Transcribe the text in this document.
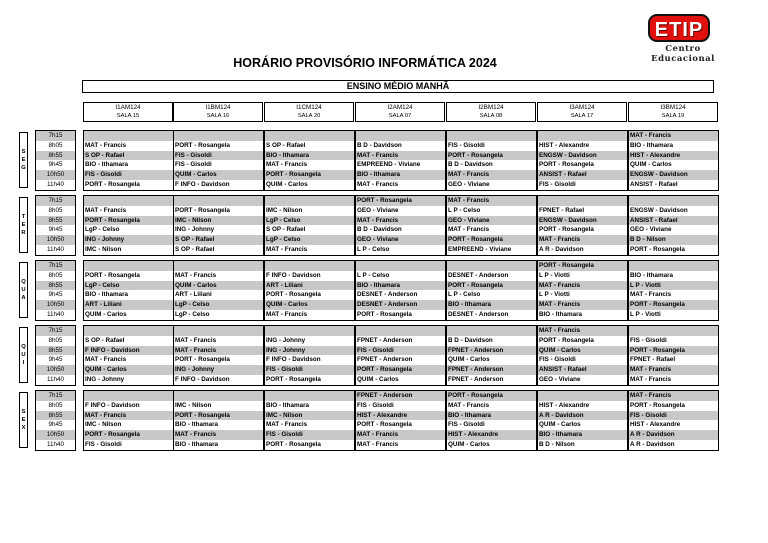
ETIP
Centro Educacional
HORÁRIO PROVISÓRIO INFORMÁTICA 2024
ENSINO MÉDIO MANHÃ
I1AM124
SALA 15
I1BM124
SALA 16
I1CM124
SALA 20
I2AM124
SALA 07
I2BM124
SALA 08
I3AM124
SALA 17
I3BM124
SALA 19
SEG
7h15
8h05
8h55
9h45
10h50
11h40
MAT - Francis
S OP - Rafael
BIO - Ithamara
FIS - Gisoldi
PORT - Rosangela
PORT - Rosangela
FIS - Gisoldi
FIS - Gisoldi
QUIM - Carlos
F INFO - Davidson
S OP - Rafael
BIO - Ithamara
MAT - Francis
PORT - Rosangela
QUIM - Carlos
B D - Davidson
MAT - Francis
EMPREEND - Viviane
BIO - Ithamara
MAT - Francis
FIS - Gisoldi
PORT - Rosangela
B D - Davidson
MAT - Francis
GEO - Viviane
HIST - Alexandre
ENGSW - Davidson
PORT - Rosangela
ANSIST - Rafael
FIS - Gisoldi
MAT - Francis
BIO - Ithamara
HIST - Alexandre
QUIM - Carlos
ENGSW - Davidson
ANSIST - Rafael
TER
7h15
8h05
8h55
9h45
10h50
11h40
MAT - Francis
PORT - Rosangela
LgP - Celso
ING - Johnny
IMC - Nilson
PORT - Rosangela
IMC - Nilson
ING - Johnny
S OP - Rafael
S OP - Rafael
IMC - Nilson
LgP - Celso
S OP - Rafael
LgP - Celso
MAT - Francis
PORT - Rosangela
GEO - Viviane
MAT - Francis
B D - Davidson
GEO - Viviane
L P - Celso
MAT - Francis
L P - Celso
GEO - Viviane
MAT - Francis
PORT - Rosangela
EMPREEND - Viviane
FPNET - Rafael
ENGSW - Davidson
PORT - Rosangela
MAT - Francis
A R - Davidson
ENGSW - Davidson
ANSIST - Rafael
GEO - Viviane
B D - Nilson
PORT - Rosangela
QUA
7h15
8h05
8h55
9h45
10h50
11h40
PORT - Rosangela
LgP - Celso
BIO - Ithamara
ART - Liliani
QUIM - Carlos
MAT - Francis
QUIM - Carlos
ART - Liliani
LgP - Celso
LgP - Celso
F INFO - Davidson
ART - Liliani
PORT - Rosangela
QUIM - Carlos
MAT - Francis
L P - Celso
BIO - Ithamara
DESNET - Anderson
DESNET - Anderson
PORT - Rosangela
DESNET - Anderson
PORT - Rosangela
L P - Celso
BIO - Ithamara
DESNET - Anderson
PORT - Rosangela
L P - Viotti
MAT - Francis
L P - Viotti
MAT - Francis
BIO - Ithamara
BIO - Ithamara
L P - Viotti
MAT - Francis
PORT - Rosangela
L P - Viotti
QUI
7h15
8h05
8h55
9h45
10h50
11h40
S OP - Rafael
F INFO - Davidson
MAT - Francis
QUIM - Carlos
ING - Johnny
MAT - Francis
MAT - Francis
PORT - Rosangela
ING - Johnny
F INFO - Davidson
ING - Johnny
ING - Johnny
F INFO - Davidson
FIS - Gisoldi
PORT - Rosangela
FPNET - Anderson
FIS - Gisoldi
FPNET - Anderson
PORT - Rosangela
QUIM - Carlos
B D - Davidson
FPNET - Anderson
QUIM - Carlos
FPNET - Anderson
FPNET - Anderson
MAT - Francis
PORT - Rosangela
QUIM - Carlos
FIS - Gisoldi
ANSIST - Rafael
GEO - Viviane
FIS - Gisoldi
PORT - Rosangela
FPNET - Rafael
MAT - Francis
MAT - Francis
SEX
7h15
8h05
8h55
9h45
10h50
11h40
F INFO - Davidson
MAT - Francis
IMC - Nilson
PORT - Rosangela
FIS - Gisoldi
IMC - Nilson
PORT - Rosangela
BIO - Ithamara
MAT - Francis
BIO - Ithamara
BIO - Ithamara
IMC - Nilson
MAT - Francis
FIS - Gisoldi
PORT - Rosangela
FPNET - Anderson
FIS - Gisoldi
HIST - Alexandre
PORT - Rosangela
MAT - Francis
MAT - Francis
PORT - Rosangela
MAT - Francis
BIO - Ithamara
FIS - Gisoldi
HIST - Alexandre
QUIM - Carlos
HIST - Alexandre
A R - Davidson
QUIM - Carlos
BIO - Ithamara
B D - Nilson
MAT - Francis
PORT - Rosangela
FIS - Gisoldi
HIST - Alexandre
A R - Davidson
A R - Davidson
